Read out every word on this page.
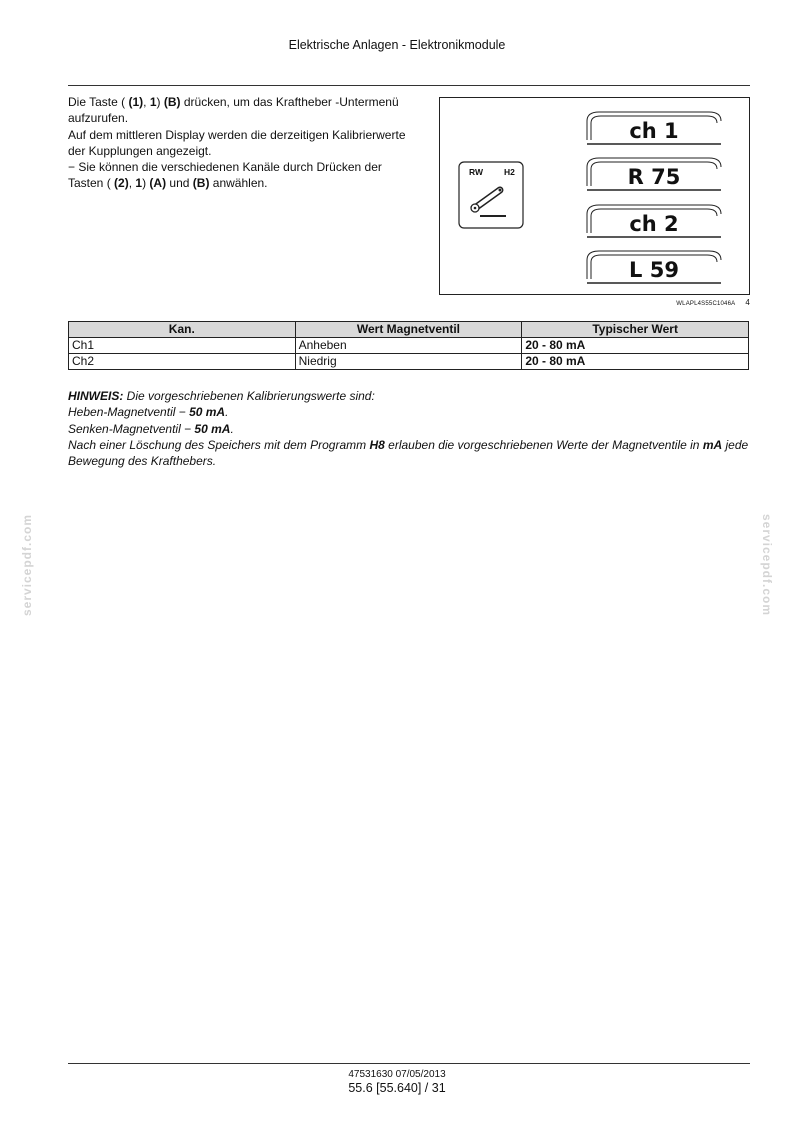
Elektrische Anlagen - Elektronikmodule

Die Taste ( (1), 1) (B) drücken, um das Kraftheber -Untermenü aufzurufen.

Auf dem mittleren Display werden die derzeitigen Kalibrierwerte der Kupplungen angezeigt.

− Sie können die verschiedenen Kanäle durch Drücken der Tasten ( (2), 1) (A) und (B) anwählen.

RW H2
ch 1
R 75
ch 2
L 59
WLAPL4S55C1046A 4
Kan.	Wert Magnetventil	Typischer Wert
Ch1	Anheben	20 - 80 mA
Ch2	Niedrig	20 - 80 mA

HINWEIS: Die vorgeschriebenen Kalibrierungswerte sind:

Heben-Magnetventil − 50 mA.

Senken-Magnetventil − 50 mA.

Nach einer Löschung des Speichers mit dem Programm H8 erlauben die vorgeschriebenen Werte der Magnetventile in mA jede Bewegung des Krafthebers.

servicepdf.com	servicepdf.com
47531630 07/05/2013
55.6 [55.640] / 31
